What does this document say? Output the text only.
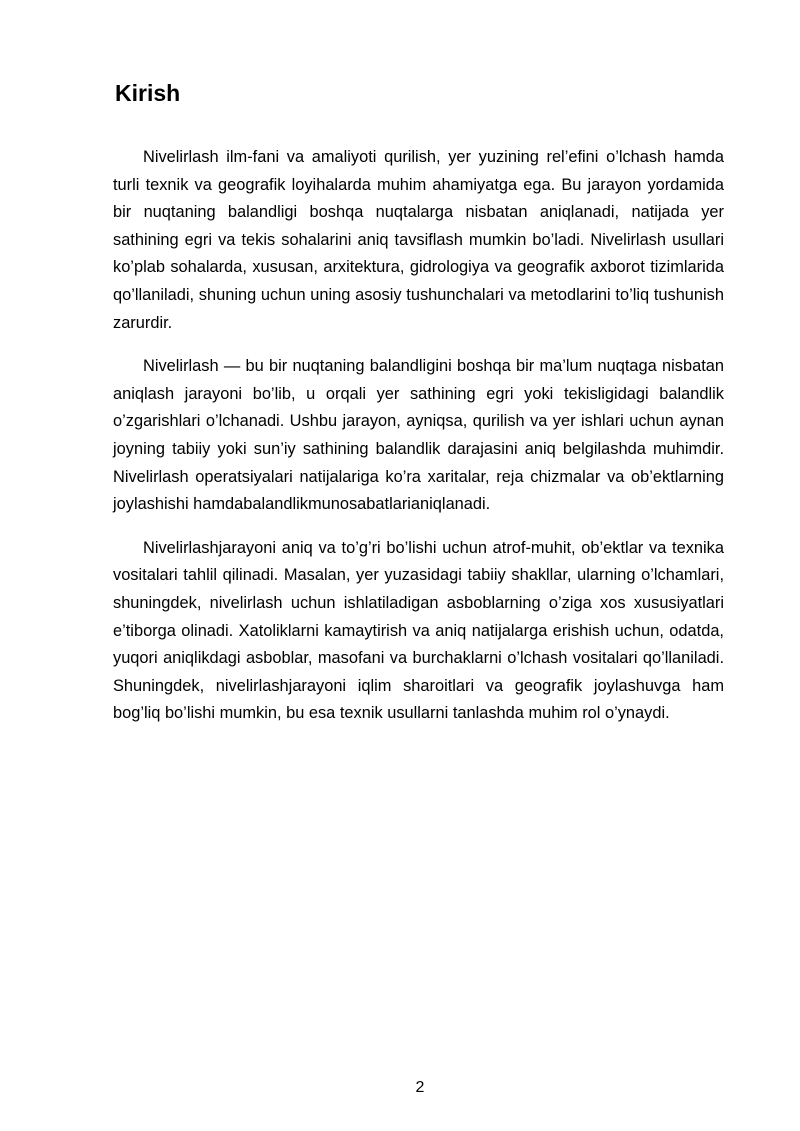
Kirish

Nivelirlash ilm-fani va amaliyoti qurilish, yer yuzining rel’efini o’lchash hamda turli texnik va geografik loyihalarda muhim ahamiyatga ega. Bu jarayon yordamida bir nuqtaning balandligi boshqa nuqtalarga nisbatan aniqlanadi, natijada yer sathining egri va tekis sohalarini aniq tavsiflash mumkin bo’ladi. Nivelirlash usullari ko’plab sohalarda, xususan, arxitektura, gidrologiya va geografik axborot tizimlarida qo’llaniladi, shuning uchun uning asosiy tushunchalari va metodlarini to’liq tushunish zarurdir.

Nivelirlash — bu bir nuqtaning balandligini boshqa bir ma’lum nuqtaga nisbatan aniqlash jarayoni bo’lib, u orqali yer sathining egri yoki tekisligidagi balandlik o’zgarishlari o’lchanadi. Ushbu jarayon, ayniqsa, qurilish va yer ishlari uchun aynan joyning tabiiy yoki sun’iy sathining balandlik darajasini aniq belgilashda muhimdir. Nivelirlash operatsiyalari natijalariga ko’ra xaritalar, reja chizmalar va ob’ektlarning joylashishi hamdabalandlikmunosabatlarianiqlanadi.

Nivelirlashjarayoni aniq va to’g’ri bo’lishi uchun atrof-muhit, ob’ektlar va texnika vositalari tahlil qilinadi. Masalan, yer yuzasidagi tabiiy shakllar, ularning o’lchamlari, shuningdek, nivelirlash uchun ishlatiladigan asboblarning o’ziga xos xususiyatlari e’tiborga olinadi. Xatoliklarni kamaytirish va aniq natijalarga erishish uchun, odatda, yuqori aniqlikdagi asboblar, masofani va burchaklarni o’lchash vositalari qo’llaniladi. Shuningdek, nivelirlashjarayoni iqlim sharoitlari va geografik joylashuvga ham bog’liq bo’lishi mumkin, bu esa texnik usullarni tanlashda muhim rol o’ynaydi.

2
